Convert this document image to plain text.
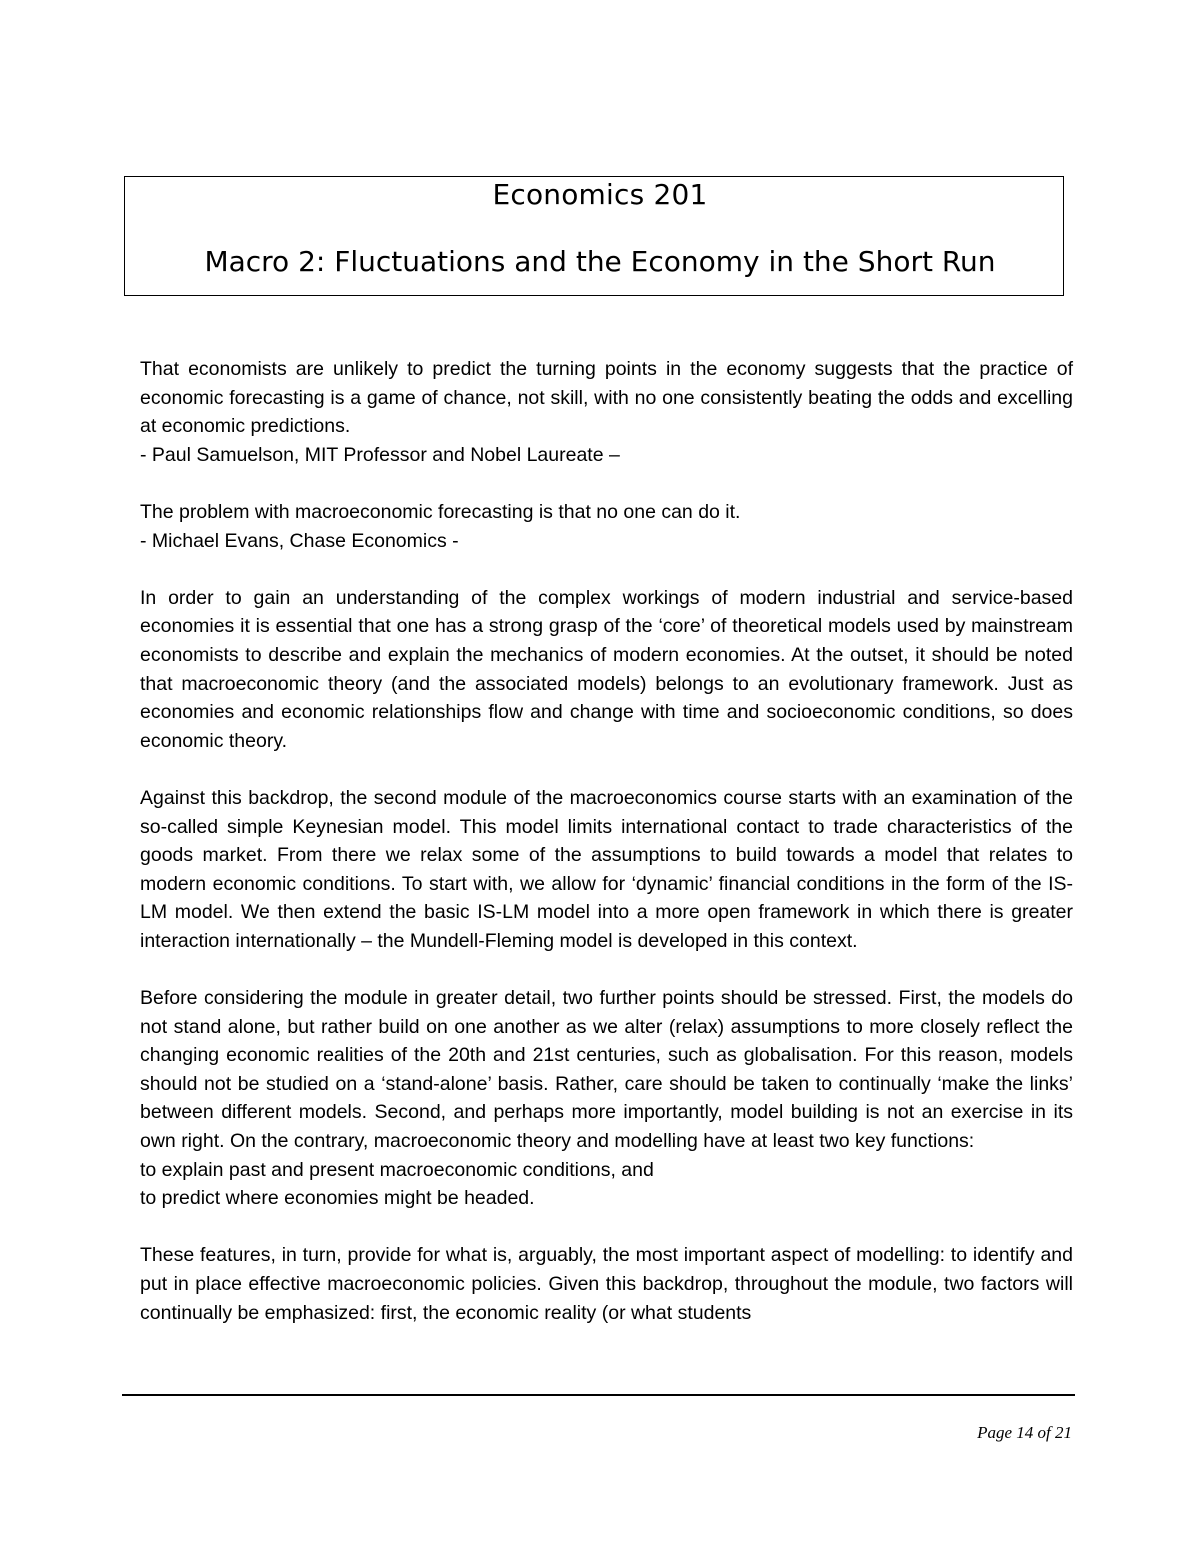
Economics 201
Macro 2: Fluctuations and the Economy in the Short Run

That economists are unlikely to predict the turning points in the economy suggests that the practice of economic forecasting is a game of chance, not skill, with no one consistently beating the odds and excelling at economic predictions.

- Paul Samuelson, MIT Professor and Nobel Laureate –

The problem with macroeconomic forecasting is that no one can do it.

- Michael Evans, Chase Economics -

In order to gain an understanding of the complex workings of modern industrial and service-based economies it is essential that one has a strong grasp of the ‘core’ of theoretical models used by mainstream economists to describe and explain the mechanics of modern economies. At the outset, it should be noted that macroeconomic theory (and the associated models) belongs to an evolutionary framework. Just as economies and economic relationships flow and change with time and socioeconomic conditions, so does economic theory.

Against this backdrop, the second module of the macroeconomics course starts with an examination of the so-called simple Keynesian model. This model limits international contact to trade characteristics of the goods market. From there we relax some of the assumptions to build towards a model that relates to modern economic conditions. To start with, we allow for ‘dynamic’ financial conditions in the form of the IS-LM model. We then extend the basic IS-LM model into a more open framework in which there is greater interaction internationally – the Mundell-Fleming model is developed in this context.

Before considering the module in greater detail, two further points should be stressed. First, the models do not stand alone, but rather build on one another as we alter (relax) assumptions to more closely reflect the changing economic realities of the 20th and 21st centuries, such as globalisation. For this reason, models should not be studied on a ‘stand-alone’ basis. Rather, care should be taken to continually ‘make the links’ between different models. Second, and perhaps more importantly, model building is not an exercise in its own right. On the contrary, macroeconomic theory and modelling have at least two key functions:

to explain past and present macroeconomic conditions, and

to predict where economies might be headed.

These features, in turn, provide for what is, arguably, the most important aspect of modelling: to identify and put in place effective macroeconomic policies. Given this backdrop, throughout the module, two factors will continually be emphasized: first, the economic reality (or what students

Page 14 of 21
